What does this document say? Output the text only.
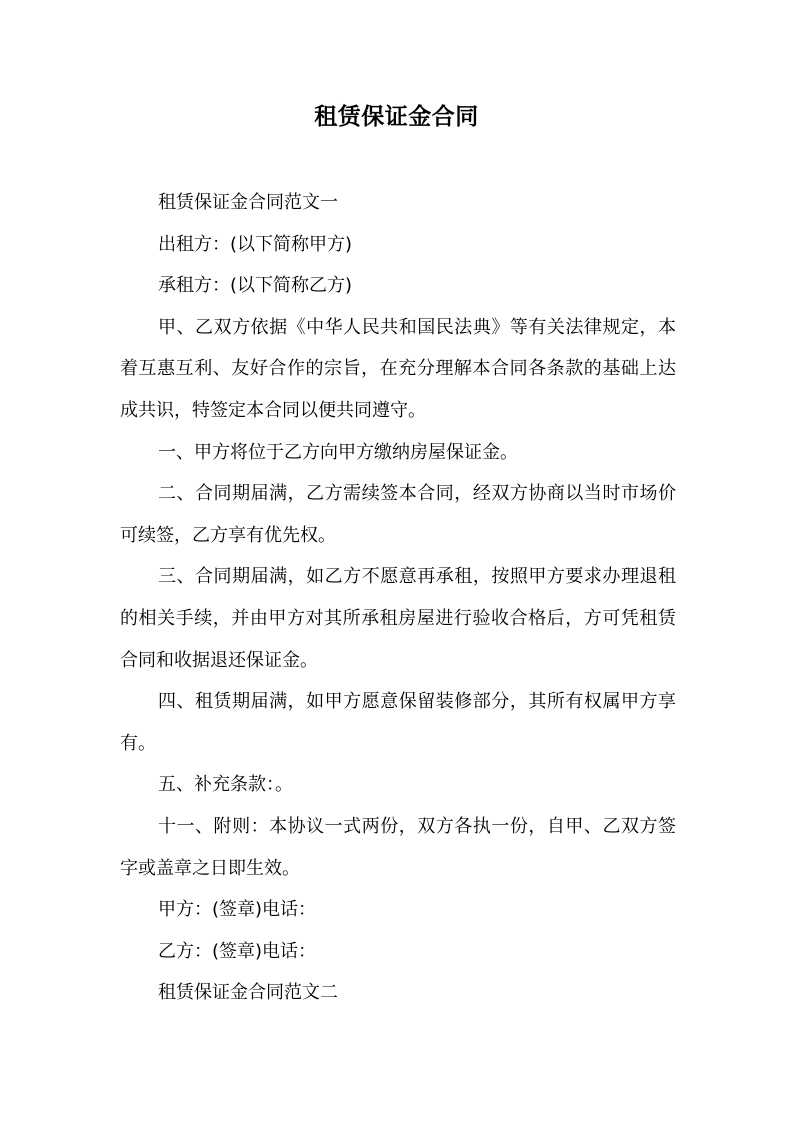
租赁保证金合同

租赁保证金合同范文一

出租方：(以下简称甲方)

承租方：(以下简称乙方)

甲、乙双方依据《中华人民共和国民法典》等有关法律规定，本着互惠互利、友好合作的宗旨，在充分理解本合同各条款的基础上达成共识，特签定本合同以便共同遵守。

一、甲方将位于乙方向甲方缴纳房屋保证金。

二、合同期届满，乙方需续签本合同，经双方协商以当时市场价可续签，乙方享有优先权。

三、合同期届满，如乙方不愿意再承租，按照甲方要求办理退租的相关手续，并由甲方对其所承租房屋进行验收合格后，方可凭租赁合同和收据退还保证金。

四、租赁期届满，如甲方愿意保留装修部分，其所有权属甲方享有。

五、补充条款：。

十一、附则：本协议一式两份，双方各执一份，自甲、乙双方签字或盖章之日即生效。

甲方：(签章)电话：

乙方：(签章)电话：

租赁保证金合同范文二
